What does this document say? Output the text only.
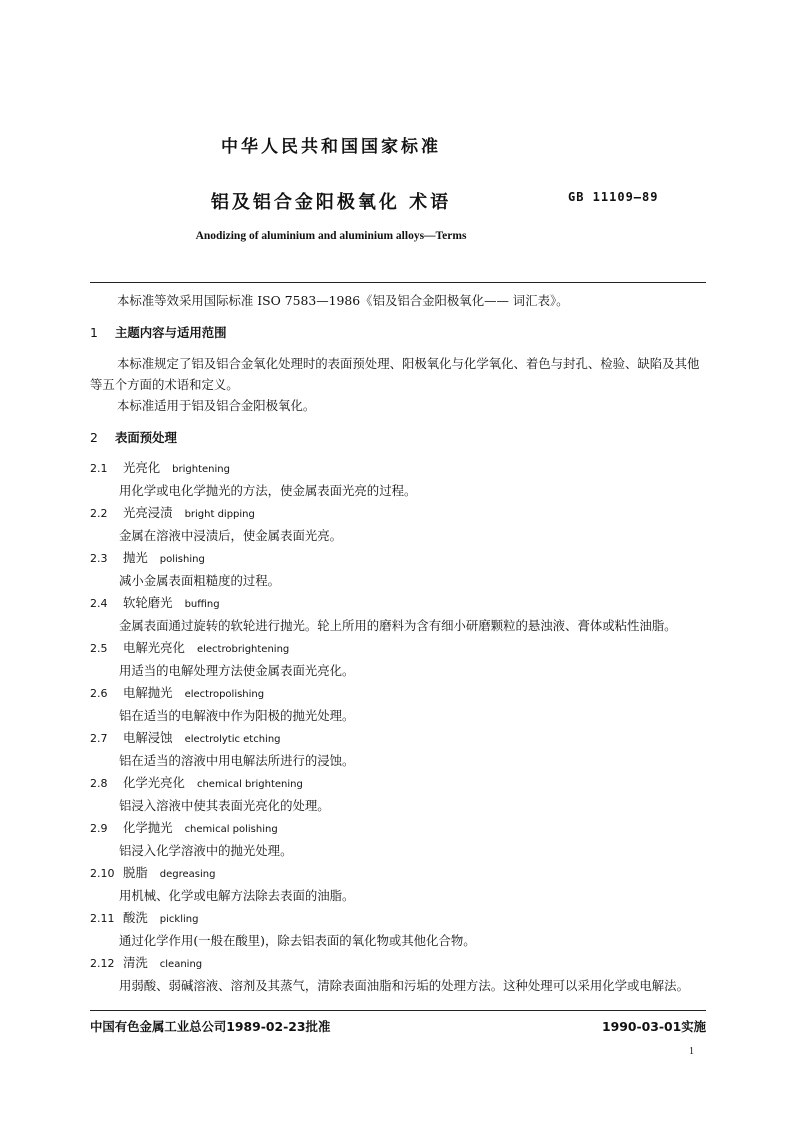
中华人民共和国国家标准
铝及铝合金阳极氧化 术语	GB 11109—89
Anodizing of aluminium and aluminium alloys—Terms

本标准等效采用国际标准 ISO 7583—1986《铝及铝合金阳极氧化—— 词汇表》。

1 主题内容与适用范围

本标准规定了铝及铝合金氧化处理时的表面预处理、阳极氧化与化学氧化、着色与封孔、检验、缺陷及其他等五个方面的术语和定义。

本标准适用于铝及铝合金阳极氧化。

2 表面预处理
2.1	光亮化 brightening

用化学或电化学抛光的方法，使金属表面光亮的过程。

2.2	光亮浸渍 bright dipping

金属在溶液中浸渍后，使金属表面光亮。

2.3	抛光 polishing

减小金属表面粗糙度的过程。

2.4	软轮磨光 buffing

金属表面通过旋转的软轮进行抛光。轮上所用的磨料为含有细小研磨颗粒的悬浊液、膏体或粘性油脂。

2.5	电解光亮化 electrobrightening

用适当的电解处理方法使金属表面光亮化。

2.6	电解抛光 electropolishing

铝在适当的电解液中作为阳极的抛光处理。

2.7	电解浸蚀 electrolytic etching

铝在适当的溶液中用电解法所进行的浸蚀。

2.8	化学光亮化 chemical brightening

铝浸入溶液中使其表面光亮化的处理。

2.9	化学抛光 chemical polishing

铝浸入化学溶液中的抛光处理。

2.10 脱脂 degreasing

用机械、化学或电解方法除去表面的油脂。

2.11 酸洗 pickling

通过化学作用(一般在酸里)，除去铝表面的氧化物或其他化合物。

2.12 清洗 cleaning

用弱酸、弱碱溶液、溶剂及其蒸气，清除表面油脂和污垢的处理方法。这种处理可以采用化学或电解法。

中国有色金属工业总公司1989-02-23批准	1990-03-01实施
1
